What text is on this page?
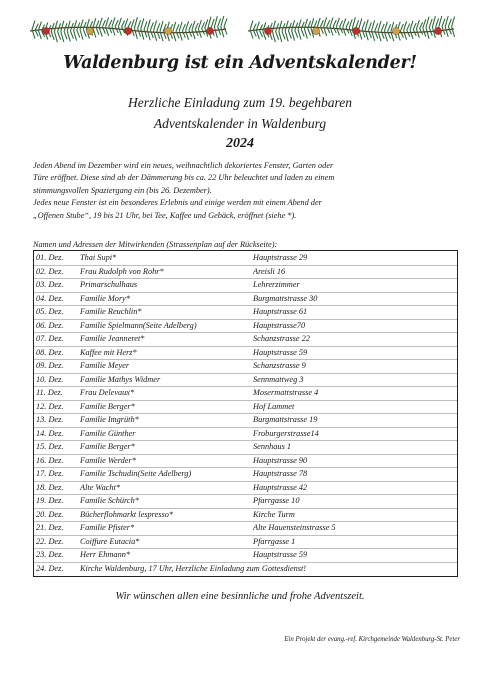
Waldenburg ist ein Adventskalender!
Herzliche Einladung zum 19. begehbaren
Adventskalender in Waldenburg
2024
Jeden Abend im Dezember wird ein neues, weihnachtlich dekoriertes Fenster, Garten oder
Türe eröffnet. Diese sind ab der Dämmerung bis ca. 22 Uhr beleuchtet und laden zu einem
stimmungsvollen Spaziergang ein (bis 26. Dezember).
Jedes neue Fenster ist ein besonderes Erlebnis und einige werden mit einem Abend der
„Offenen Stube“, 19 bis 21 Uhr, bei Tee, Kaffee und Gebäck, eröffnet (siehe *).
Namen und Adressen der Mitwirkenden (Strassenplan auf der Rückseite):
01. Dez. Thai Supi*	Hauptstrasse 29
02. Dez. Frau Rudolph von Rohr*	Areisli 16
03. Dez. Primarschulhaus	Lehrerzimmer
04. Dez. Familie Mory*	Burgmattstrasse 30
05. Dez. Familie Reuchlin*	Hauptstrasse 61
06. Dez. Familie Spielmann(Seite Adelberg)	Hauptstrasse70
07. Dez. Familie Jeanneret*	Schanzstrasse 22
08. Dez. Kaffee mit Herz*	Hauptstrasse 59
09. Dez. Familie Meyer	Schanzstrasse 9
10. Dez. Familie Mathys Widmer	Sennmattweg 3
11. Dez. Frau Delevaux*	Mosermattstrasse 4
12. Dez. Familie Berger*	Hof Lammet
13. Dez. Familie Imgrüth*	Burgmattstrasse 19
14. Dez. Familie Günther	Froburgerstrasse14
15. Dez. Familie Berger*	Sennhaus 1
16. Dez. Familie Werder*	Hauptstrasse 90
17. Dez. Familie Tschudin(Seite Adelberg)	Hauptstrasse 78
18. Dez. Alte Wacht*	Hauptstrasse 42
19. Dez. Familie Schürch*	Pfarrgasse 10
20. Dez. Bücherflohmarkt lespresso*	Kirche Turm
21. Dez. Familie Pfister*	Alte Hauensteinstrasse 5
22. Dez. Coiffure Eutacia*	Pfarrgasse 1
23. Dez. Herr Ehmann*	Hauptstrasse 59
24. Dez. Kirche Waldenburg, 17 Uhr, Herzliche Einladung zum Gottesdienst!
Wir wünschen allen eine besinnliche und frohe Adventszeit.
Ein Projekt der evang.-ref. Kirchgemeinde Waldenburg-St. Peter
